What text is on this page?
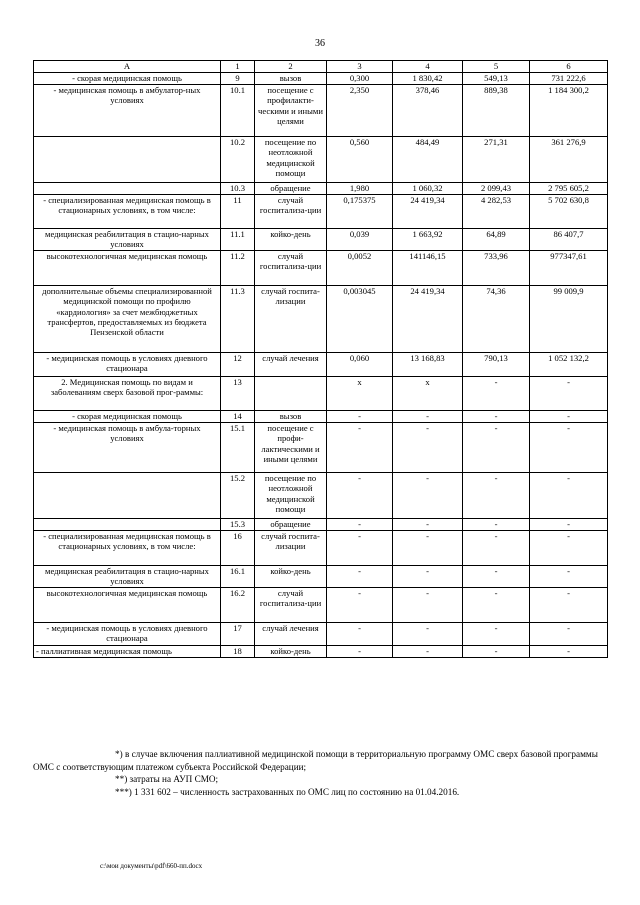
36
А	1	2	3	4	5	6
- скорая медицинская помощь	9	вызов	0,300	1 830,42	549,13	731 222,6
- медицинская помощь в амбулатор-ных условиях	10.1	посещение с профилакти-ческими и иными целями	2,350	378,46	889,38	1 184 300,2
	10.2	посещение по неотложной медицинской помощи	0,560	484,49	271,31	361 276,9
	10.3	обращение	1,980	1 060,32	2 099,43	2 795 605,2
- специализированная медицинская помощь в стационарных условиях, в том числе:	11	случай госпитализа-ции	0,175375	24 419,34	4 282,53	5 702 630,8
медицинская реабилитация в стацио-нарных условиях	11.1	койко-день	0,039	1 663,92	64,89	86 407,7
высокотехнологичная медицинская помощь	11.2	случай госпитализа-ции	0,0052	141146,15	733,96	977347,61
дополнительные объемы специализированной медицинской помощи по профилю «кардиология» за счет межбюджетных трансфертов, предоставляемых из бюджета Пензенской области	11.3	случай госпита-лизации	0,003045	24 419,34	74,36	99 009,9
- медицинская помощь в условиях дневного стационара	12	случай лечения	0,060	13 168,83	790,13	1 052 132,2
2. Медицинская помощь по видам и заболеваниям сверх базовой прог-раммы:	13		х	х	-	-
- скорая медицинская помощь	14	вызов	-	-	-	-
- медицинская помощь в амбула-торных условиях	15.1	посещение с профи-лактическими и иными целями	-	-	-	-
	15.2	посещение по неотложной медицинской помощи	-	-	-	-
	15.3	обращение	-	-	-	-
- специализированная медицинская помощь в стационарных условиях, в том числе:	16	случай госпита-лизации	-	-	-	-
медицинская реабилитация в стацио-нарных условиях	16.1	койко-день	-	-	-	-
высокотехнологичная медицинская помощь	16.2	случай госпитализа-ции	-	-	-	-
- медицинская помощь в условиях дневного стационара	17	случай лечения	-	-	-	-
- паллиативная медицинская помощь	18	койко-день	-	-	-	-
*) в случае включения паллиативной медицинской помощи в территориальную программу ОМС сверх базовой программы ОМС с соответствующим платежом субъекта Российской Федерации;
**) затраты на АУП СМО;
***) 1 331 602 – численность застрахованных по ОМС лиц по состоянию на 01.04.2016.
с:\мои документы\pdf\660-пп.docx
